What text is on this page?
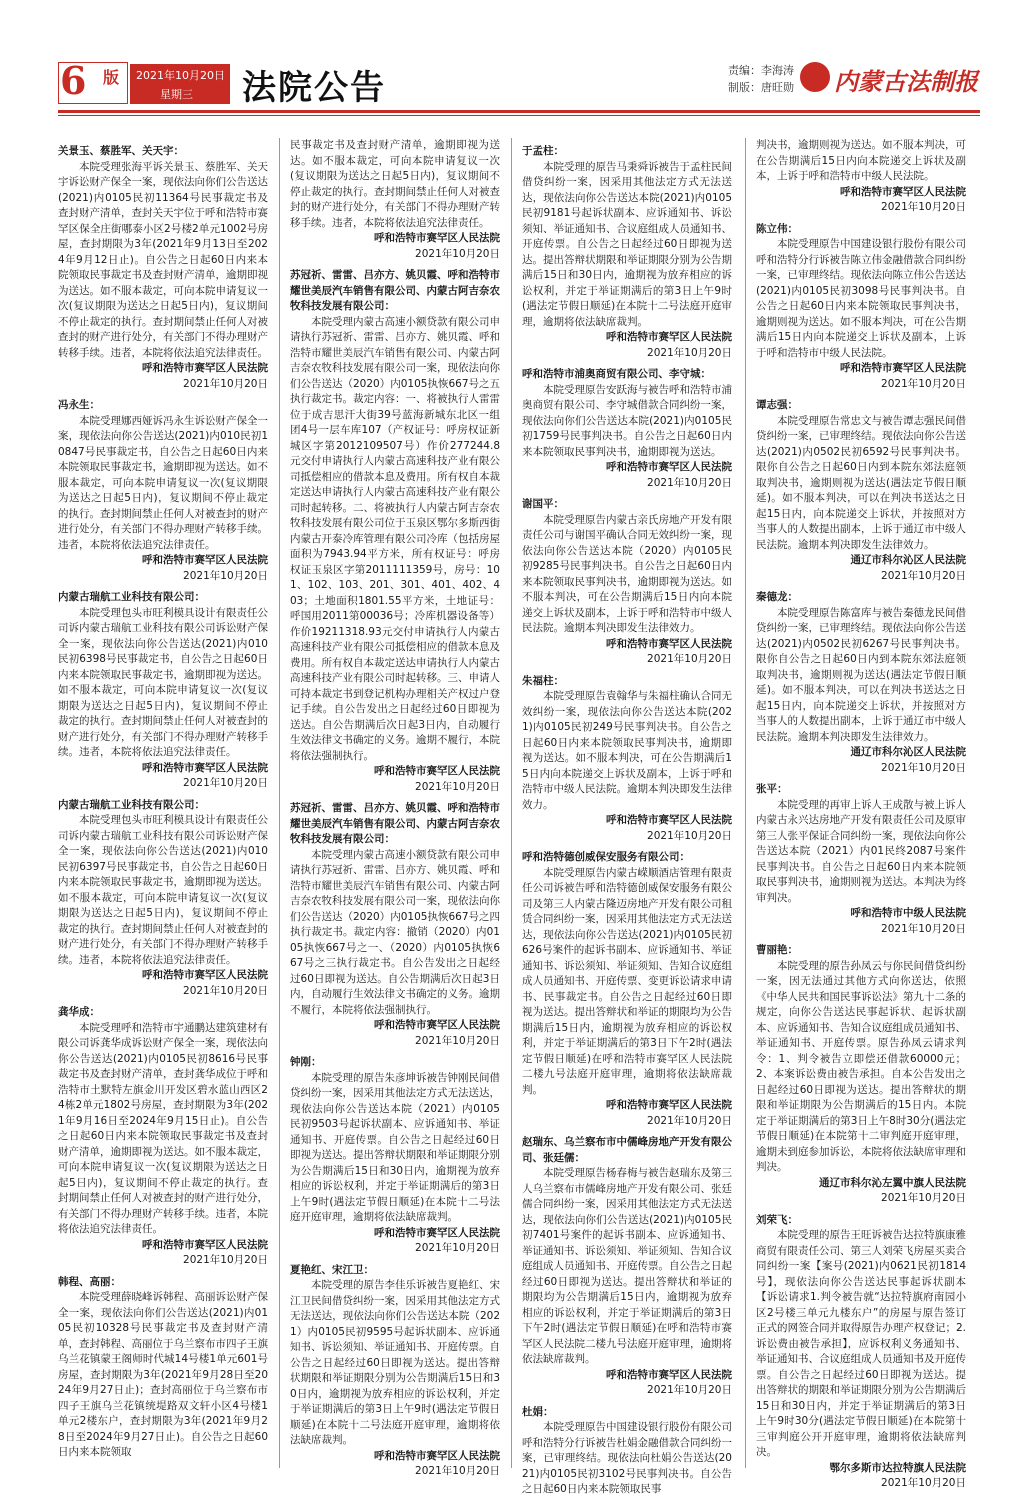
6 版 2021年10月20日
星期三 法院公告	责编：李海涛
制版：唐旺勋 内蒙古法制报
关景玉、蔡胜军、关天宇：
本院受理张海平诉关景玉、蔡胜军、关天宇诉讼财产保全一案，现依法向你们公告送达(2021)内0105民初11364号民事裁定书及查封财产清单，查封关天宇位于呼和浩特市赛罕区保全庄街哪泰小区2号楼2单元1002号房屋，查封期限为3年(2021年9月13日至2024年9月12日止)。自公告之日起60日内来本院领取民事裁定书及查封财产清单，逾期即视为送达。如不服本裁定，可向本院申请复议一次(复议期限为送达之日起5日内)，复议期间不停止裁定的执行。查封期间禁止任何人对被查封的财产进行处分，有关部门不得办理财产转移手续。违者，本院将依法追究法律责任。
呼和浩特市赛罕区人民法院
2021年10月20日
冯永生：
本院受理娜西娅诉冯永生诉讼财产保全一案，现依法向你公告送达(2021)内010民初10847号民事裁定书，自公告之日起60日内来本院领取民事裁定书，逾期即视为送达。如不服本裁定，可向本院申请复议一次(复议期限为送达之日起5日内)，复议期间不停止裁定的执行。查封期间禁止任何人对被查封的财产进行处分，有关部门不得办理财产转移手续。违者，本院将依法追究法律责任。
呼和浩特市赛罕区人民法院
2021年10月20日
内蒙古瑞航工业科技有限公司：
本院受理包头市旺利模具设计有限责任公司诉内蒙古瑞航工业科技有限公司诉讼财产保全一案，现依法向你公告送达(2021)内010民初6398号民事裁定书，自公告之日起60日内来本院领取民事裁定书，逾期即视为送达。如不服本裁定，可向本院申请复议一次(复议期限为送达之日起5日内)，复议期间不停止裁定的执行。查封期间禁止任何人对被查封的财产进行处分，有关部门不得办理财产转移手续。违者，本院将依法追究法律责任。
呼和浩特市赛罕区人民法院
2021年10月20日
内蒙古瑞航工业科技有限公司：
本院受理包头市旺利模具设计有限责任公司诉内蒙古瑞航工业科技有限公司诉讼财产保全一案，现依法向你公告送达(2021)内010民初6397号民事裁定书，自公告之日起60日内来本院领取民事裁定书，逾期即视为送达。如不服本裁定，可向本院申请复议一次(复议期限为送达之日起5日内)，复议期间不停止裁定的执行。查封期间禁止任何人对被查封的财产进行处分，有关部门不得办理财产转移手续。违者，本院将依法追究法律责任。
呼和浩特市赛罕区人民法院
2021年10月20日
龚华成：
本院受理呼和浩特市宇通鹏达建筑建材有限公司诉龚华成诉讼财产保全一案，现依法向你公告送达(2021)内0105民初8616号民事裁定书及查封财产清单，查封龚华成位于呼和浩特市土默特左旗金川开发区碧水蓝山西区24栋2单元1802号房屋，查封期限为3年(2021年9月16日至2024年9月15日止)。自公告之日起60日内来本院领取民事裁定书及查封财产清单，逾期即视为送达。如不服本裁定，可向本院申请复议一次(复议期限为送达之日起5日内)，复议期间不停止裁定的执行。查封期间禁止任何人对被查封的财产进行处分，有关部门不得办理财产转移手续。违者，本院将依法追究法律责任。
呼和浩特市赛罕区人民法院
2021年10月20日
韩程、高丽：
本院受理薛晓峰诉韩程、高丽诉讼财产保全一案，现依法向你们公告送达(2021)内0105民初10328号民事裁定书及查封财产清单，查封韩程、高丽位于乌兰察布市四子王旗乌兰花镇蒙王阁师时代城14号楼1单元601号房屋，查封期限为3年(2021年9月28日至2024年9月27日止)；查封高丽位于乌兰察布市四子王旗乌兰花镇统堤路双文轩小区4号楼1单元2楼东户，查封期限为3年(2021年9月28日至2024年9月27日止)。自公告之日起60日内来本院领取
民事裁定书及查封财产清单，逾期即视为送达。如不服本裁定，可向本院申请复议一次(复议期限为送达之日起5日内)，复议期间不停止裁定的执行。查封期间禁止任何人对被查封的财产进行处分，有关部门不得办理财产转移手续。违者，本院将依法追究法律责任。
呼和浩特市赛罕区人民法院
2021年10月20日
苏冠祈、雷雷、吕亦方、姚贝霞、呼和浩特市耀世美辰汽车销售有限公司、内蒙古阿吉奈农牧科技发展有限公司：
本院受理内蒙古高速小额贷款有限公司申请执行苏冠祈、雷雷、吕亦方、姚贝霞、呼和浩特市耀世美辰汽车销售有限公司、内蒙古阿吉奈农牧科技发展有限公司一案，现依法向你们公告送达（2020）内0105执恢667号之五执行裁定书。裁定内容：一、将被执行人雷雷位于成吉思汗大街39号蓝海新城东北区一组团4号一层车库107（产权证号：呼房权证新城区字第2012109507号）作价277244.8元交付申请执行人内蒙古高速科技产业有限公司抵偿相应的借款本息及费用。所有权自本裁定送达申请执行人内蒙古高速科技产业有限公司时起转移。二、将被执行人内蒙古阿吉奈农牧科技发展有限公司位于玉泉区鄂尔多斯西街内蒙古开泰冷库管理有限公司冷库（包括房屋面积为7943.94平方米，所有权证号：呼房权证玉泉区字第2011111359号，房号：101、102、103、201、301、401、402、403；土地面积1801.55平方米，土地证号：呼国用2011第00036号；冷库机器设备等）作价19211318.93元交付申请执行人内蒙古高速科技产业有限公司抵偿相应的借款本息及费用。所有权自本裁定送达申请执行人内蒙古高速科技产业有限公司时起转移。三、申请人可持本裁定书到登记机构办理相关产权过户登记手续。自公告发出之日起经过60日即视为送达。自公告期满后次日起3日内，自动履行生效法律文书确定的义务。逾期不履行，本院将依法强制执行。
呼和浩特市赛罕区人民法院
2021年10月20日
苏冠祈、雷雷、吕亦方、姚贝霞、呼和浩特市耀世美辰汽车销售有限公司、内蒙古阿吉奈农牧科技发展有限公司：
本院受理内蒙古高速小额贷款有限公司申请执行苏冠祈、雷雷、吕亦方、姚贝霞、呼和浩特市耀世美辰汽车销售有限公司、内蒙古阿吉奈农牧科技发展有限公司一案，现依法向你们公告送达（2020）内0105执恢667号之四执行裁定书。裁定内容：撤销（2020）内0105执恢667号之一、（2020）内0105执恢667号之三执行裁定书。自公告发出之日起经过60日即视为送达。自公告期满后次日起3日内，自动履行生效法律文书确定的义务。逾期不履行，本院将依法强制执行。
呼和浩特市赛罕区人民法院
2021年10月20日
钟刚：
本院受理的原告朱彦坤诉被告钟刚民间借贷纠纷一案，因采用其他法定方式无法送达，现依法向你公告送达本院（2021）内0105民初9503号起诉状副本、应诉通知书、举证通知书、开庭传票。自公告之日起经过60日即视为送达。提出答辩状期限和举证期限分别为公告期满后15日和30日内，逾期视为放弃相应的诉讼权利，并定于举证期满后的第3日上午9时(遇法定节假日顺延)在本院十二号法庭开庭审理，逾期将依法缺席裁判。
呼和浩特市赛罕区人民法院
2021年10月20日
夏艳红、宋江卫：
本院受理的原告李佳乐诉被告夏艳红、宋江卫民间借贷纠纷一案，因采用其他法定方式无法送达，现依法向你们公告送达本院（2021）内0105民初9595号起诉状副本、应诉通知书、诉讼须知、举证通知书、开庭传票。自公告之日起经过60日即视为送达。提出答辩状期限和举证期限分别为公告期满后15日和30日内，逾期视为放弃相应的诉讼权利，并定于举证期满后的第3日上午9时(遇法定节假日顺延)在本院十二号法庭开庭审理，逾期将依法缺席裁判。
呼和浩特市赛罕区人民法院
2021年10月20日
于孟柱：
本院受理的原告马秉舜诉被告于孟柱民间借贷纠纷一案，因采用其他法定方式无法送达，现依法向你公告送达本院(2021)内0105民初9181号起诉状副本、应诉通知书、诉讼须知、举证通知书、合议庭组成人员通知书、开庭传票。自公告之日起经过60日即视为送达。提出答辩状期限和举证期限分别为公告期满后15日和30日内，逾期视为放弃相应的诉讼权利，并定于举证期满后的第3日上午9时(遇法定节假日顺延)在本院十二号法庭开庭审理，逾期将依法缺席裁判。
呼和浩特市赛罕区人民法院
2021年10月20日
呼和浩特市浦奥商贸有限公司、李守城：
本院受理原告安跃海与被告呼和浩特市浦奥商贸有限公司、李守城借款合同纠纷一案，现依法向你们公告送达本院(2021)内0105民初1759号民事判决书。自公告之日起60日内来本院领取民事判决书，逾期即视为送达。
呼和浩特市赛罕区人民法院
2021年10月20日
谢国平：
本院受理原告内蒙古亲氏房地产开发有限责任公司与谢国平确认合同无效纠纷一案，现依法向你公告送达本院（2020）内0105民初9285号民事判决书。自公告之日起60日内来本院领取民事判决书，逾期即视为送达。如不服本判决，可在公告期满后15日内向本院递交上诉状及副本，上诉于呼和浩特市中级人民法院。逾期本判决即发生法律效力。
呼和浩特市赛罕区人民法院
2021年10月20日
朱福柱：
本院受理原告袁翰华与朱福柱确认合同无效纠纷一案，现依法向你公告送达本院(2021)内0105民初249号民事判决书。自公告之日起60日内来本院领取民事判决书，逾期即视为送达。如不服本判决，可在公告期满后15日内向本院递交上诉状及副本，上诉于呼和浩特市中级人民法院。逾期本判决即发生法律效力。
呼和浩特市赛罕区人民法院
2021年10月20日
呼和浩特德创威保安服务有限公司：
本院受理原告内蒙古嵘顺酒店管理有限责任公司诉被告呼和浩特德创威保安服务有限公司及第三人内蒙古隆迈房地产开发有限公司租赁合同纠纷一案，因采用其他法定方式无法送达，现依法向你公告送达(2021)内0105民初626号案件的起诉书副本、应诉通知书、举证通知书、诉讼须知、举证须知、告知合议庭组成人员通知书、开庭传票、变更诉讼请求申请书、民事裁定书。自公告之日起经过60日即视为送达。提出答辩状和举证的期限均为公告期满后15日内，逾期视为放弃相应的诉讼权利，并定于举证期满后的第3日下午2时(遇法定节假日顺延)在呼和浩特市赛罕区人民法院二楼九号法庭开庭审理，逾期将依法缺席裁判。
呼和浩特市赛罕区人民法院
2021年10月20日
赵瑞东、乌兰察布市中儒峰房地产开发有限公司、张廷儒：
本院受理原告杨春梅与被告赵瑞东及第三人乌兰察布市儒峰房地产开发有限公司、张廷儒合同纠纷一案，因采用其他法定方式无法送达，现依法向你们公告送达(2021)内0105民初7401号案件的起诉书副本、应诉通知书、举证通知书、诉讼须知、举证须知、告知合议庭组成人员通知书、开庭传票。自公告之日起经过60日即视为送达。提出答辩状和举证的期限均为公告期满后15日内，逾期视为放弃相应的诉讼权利，并定于举证期满后的第3日下午2时(遇法定节假日顺延)在呼和浩特市赛罕区人民法院二楼九号法庭开庭审理，逾期将依法缺席裁判。
呼和浩特市赛罕区人民法院
2021年10月20日
杜娟：
本院受理原告中国建设银行股份有限公司呼和浩特分行诉被告杜娟金融借款合同纠纷一案，已审理终结。现依法向杜娟公告送达(2021)内0105民初3102号民事判决书。自公告之日起60日内来本院领取民事
判决书，逾期则视为送达。如不服本判决，可在公告期满后15日内向本院递交上诉状及副本，上诉于呼和浩特市中级人民法院。
呼和浩特市赛罕区人民法院
2021年10月20日
陈立伟：
本院受理原告中国建设银行股份有限公司呼和浩特分行诉被告陈立伟金融借款合同纠纷一案，已审理终结。现依法向陈立伟公告送达(2021)内0105民初3098号民事判决书。自公告之日起60日内来本院领取民事判决书，逾期则视为送达。如不服本判决，可在公告期满后15日内向本院递交上诉状及副本，上诉于呼和浩特市中级人民法院。
呼和浩特市赛罕区人民法院
2021年10月20日
谭志强：
本院受理原告常忠文与被告谭志强民间借贷纠纷一案，已审理终结。现依法向你公告送达(2021)内0502民初6592号民事判决书。限你自公告之日起60日内到本院东郊法庭领取判决书，逾期则视为送达(遇法定节假日顺延)。如不服本判决，可以在判决书送达之日起15日内，向本院递交上诉状，并按照对方当事人的人数提出副本，上诉于通辽市中级人民法院。逾期本判决即发生法律效力。
通辽市科尔沁区人民法院
2021年10月20日
秦德龙：
本院受理原告陈富库与被告秦德龙民间借贷纠纷一案，已审理终结。现依法向你公告送达(2021)内0502民初6267号民事判决书。限你自公告之日起60日内到本院东郊法庭领取判决书，逾期则视为送达(遇法定节假日顺延)。如不服本判决，可以在判决书送达之日起15日内，向本院递交上诉状，并按照对方当事人的人数提出副本，上诉于通辽市中级人民法院。逾期本判决即发生法律效力。
通辽市科尔沁区人民法院
2021年10月20日
张平：
本院受理的再审上诉人王成散与被上诉人内蒙古永兴达房地产开发有限责任公司及原审第三人张平保证合同纠纷一案，现依法向你公告送达本院（2021）内01民终2087号案件民事判决书。自公告之日起60日内来本院领取民事判决书，逾期则视为送达。本判决为终审判决。
呼和浩特市中级人民法院
2021年10月20日
曹丽艳：
本院受理的原告孙凤云与你民间借贷纠纷一案，因无法通过其他方式向你送达，依照《中华人民共和国民事诉讼法》第九十二条的规定，向你公告送达民事起诉状、起诉状副本、应诉通知书、告知合议庭组成员通知书、举证通知书、开庭传票。原告孙凤云请求判令：1、判令被告立即偿还借款60000元；2、本案诉讼费由被告承担。自本公告发出之日起经过60日即视为送达。提出答辩状的期限和举证期限为公告期满后的15日内。本院定于举证期满后的第3日上午8时30分(遇法定节假日顺延)在本院第十二审判庭开庭审理，逾期未到庭参加诉讼，本院将依法缺席审理和判决。
通辽市科尔沁左翼中旗人民法院
2021年10月20日
刘荣飞：
本院受理的原告王旺诉被告达拉特旗康雅商贸有限责任公司、第三人刘荣飞房屋买卖合同纠纷一案【案号(2021)内0621民初1814号】，现依法向你公告送达民事起诉状副本【诉讼请求1.判令被告就“达拉特旗府南园小区2号楼三单元九楼东户”的房屋与原告签订正式的网签合同并取得原告办理产权登记；2.诉讼费由被告承担】，应诉权利义务通知书、举证通知书、合议庭组成人员通知书及开庭传票。自公告之日起经过60日即视为送达。提出答辩状的期限和举证期限分别为公告期满后15日和30日内，并定于举证期满后的第3日上午9时30分(遇法定节假日顺延)在本院第十三审判庭公开开庭审理，逾期将依法缺席判决。
鄂尔多斯市达拉特旗人民法院
2021年10月20日
